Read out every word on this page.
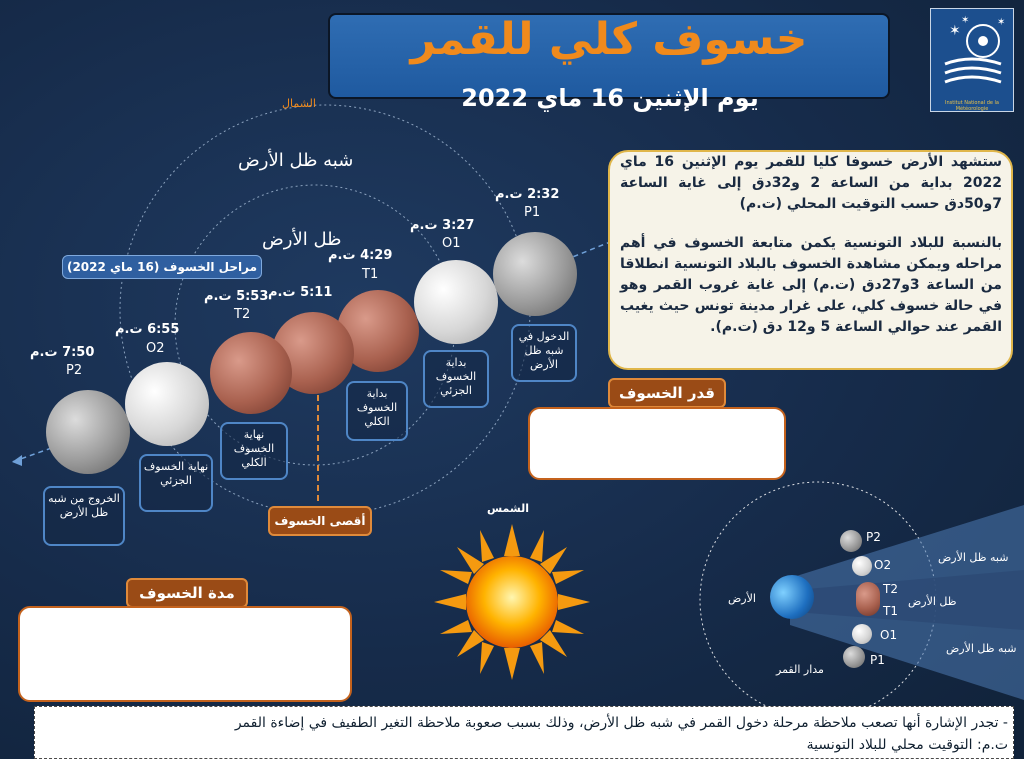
خسوف كلي للقمر
يوم الإثنين 16 ماي 2022
✶
✶	✶
Institut National de la Météorologie
الشمال
شبه ظل الأرض
ظل الأرض
مراحل الخسوف (16 ماي 2022)
ستشهد الأرض خسوفا كليا للقمر يوم الإثنين 16 ماي 2022 بداية من الساعة 2 و32دق إلى غاية الساعة 7و50دق حسب التوقيت المحلي (ت.م)
بالنسبة للبلاد التونسية يكمن متابعة الخسوف في أهم مراحله ويمكن مشاهدة الخسوف بالبلاد التونسية انطلاقا من الساعة 3و27دق (ت.م) إلى غاية غروب القمر وهو في حالة خسوف كلي، على غرار مدينة تونس حيث يغيب القمر عند حوالي الساعة 5 و12 دق (ت.م).
2:32 ت.م
P1
الدخول في شبه ظل الأرض
3:27 ت.م
O1
بداية الخسوف الجزئي
4:29 ت.م
T1
بداية الخسوف الكلي
5:11 ت.م
أقصى الخسوف
5:53 ت.م
T2
نهاية الخسوف الكلي
6:55 ت.م
O2
نهاية الخسوف الجزئي
7:50 ت.م
P2
الخروج من شبه ظل الأرض
قدر الخسوف
في شبه ظل الأرض : 2.37
في ظل الأرض : 1.41
الشمس
مدة الخسوف
الخسوف الكلي  :س 1 و24 دق
الخسوف الجزئي  :س 3 و37 دق
الخسوف بشبه ظل الأرض  :س5 و18دق
الأرض
مدار القمر
شبه ظل الأرض
ظل الأرض
شبه ظل الأرض
P2
O2
T2
T1
O1
P1
- تجدر الإشارة أنها تصعب ملاحظة مرحلة دخول القمر في شبه ظل الأرض، وذلك بسبب صعوبة ملاحظة التغير الطفيف في إضاءة القمر
ت.م: التوقيت محلي للبلاد التونسية
